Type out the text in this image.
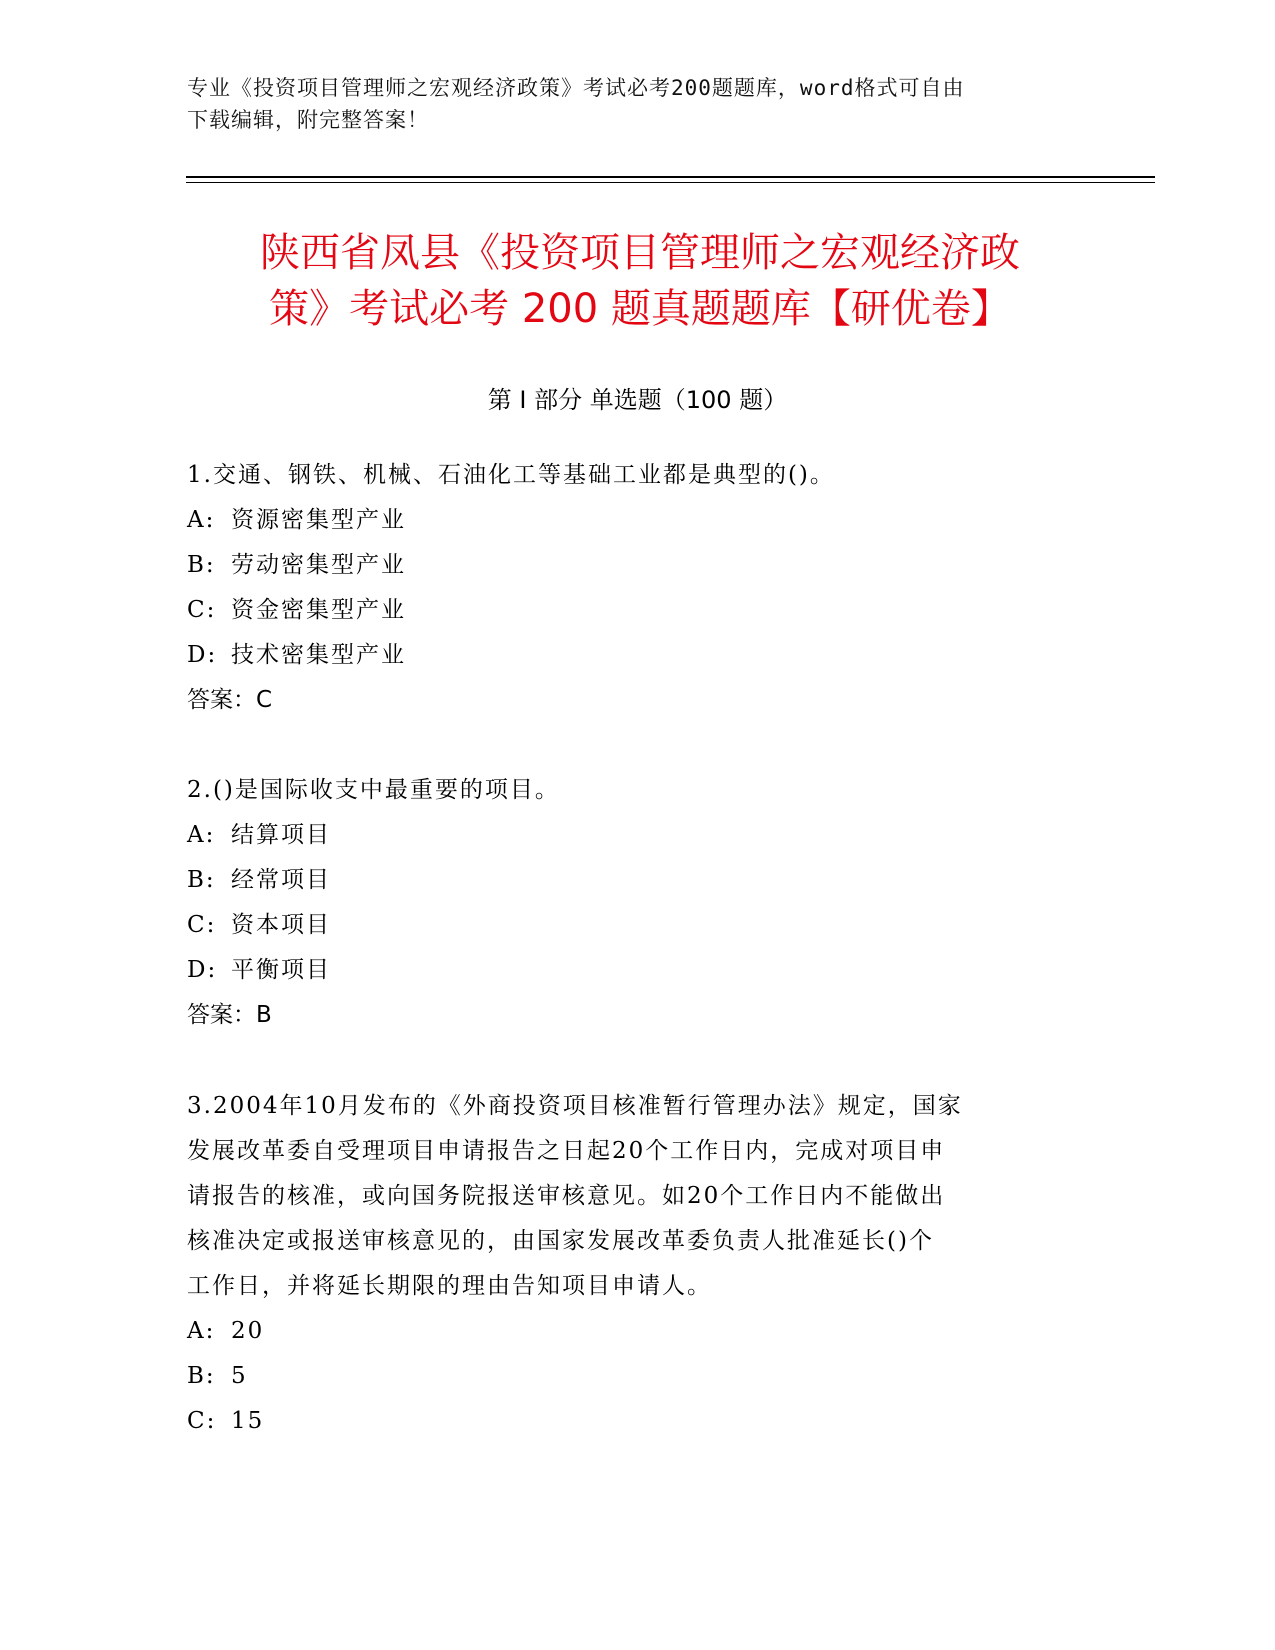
专业《投资项目管理师之宏观经济政策》考试必考200题题库，word格式可自由
下载编辑，附完整答案！
陕西省凤县《投资项目管理师之宏观经济政
策》考试必考 200 题真题题库【研优卷】
第 I 部分 单选题（100 题）

1.交通、钢铁、机械、石油化工等基础工业都是典型的()。

A: 资源密集型产业

B: 劳动密集型产业

C: 资金密集型产业

D: 技术密集型产业

答案：C

2.()是国际收支中最重要的项目。

A: 结算项目

B: 经常项目

C: 资本项目

D: 平衡项目

答案：B

3.2004年10月发布的《外商投资项目核准暂行管理办法》规定，国家

发展改革委自受理项目申请报告之日起20个工作日内，完成对项目申

请报告的核准，或向国务院报送审核意见。如20个工作日内不能做出

核准决定或报送审核意见的，由国家发展改革委负责人批准延长()个

工作日，并将延长期限的理由告知项目申请人。

A: 20

B: 5

C: 15
